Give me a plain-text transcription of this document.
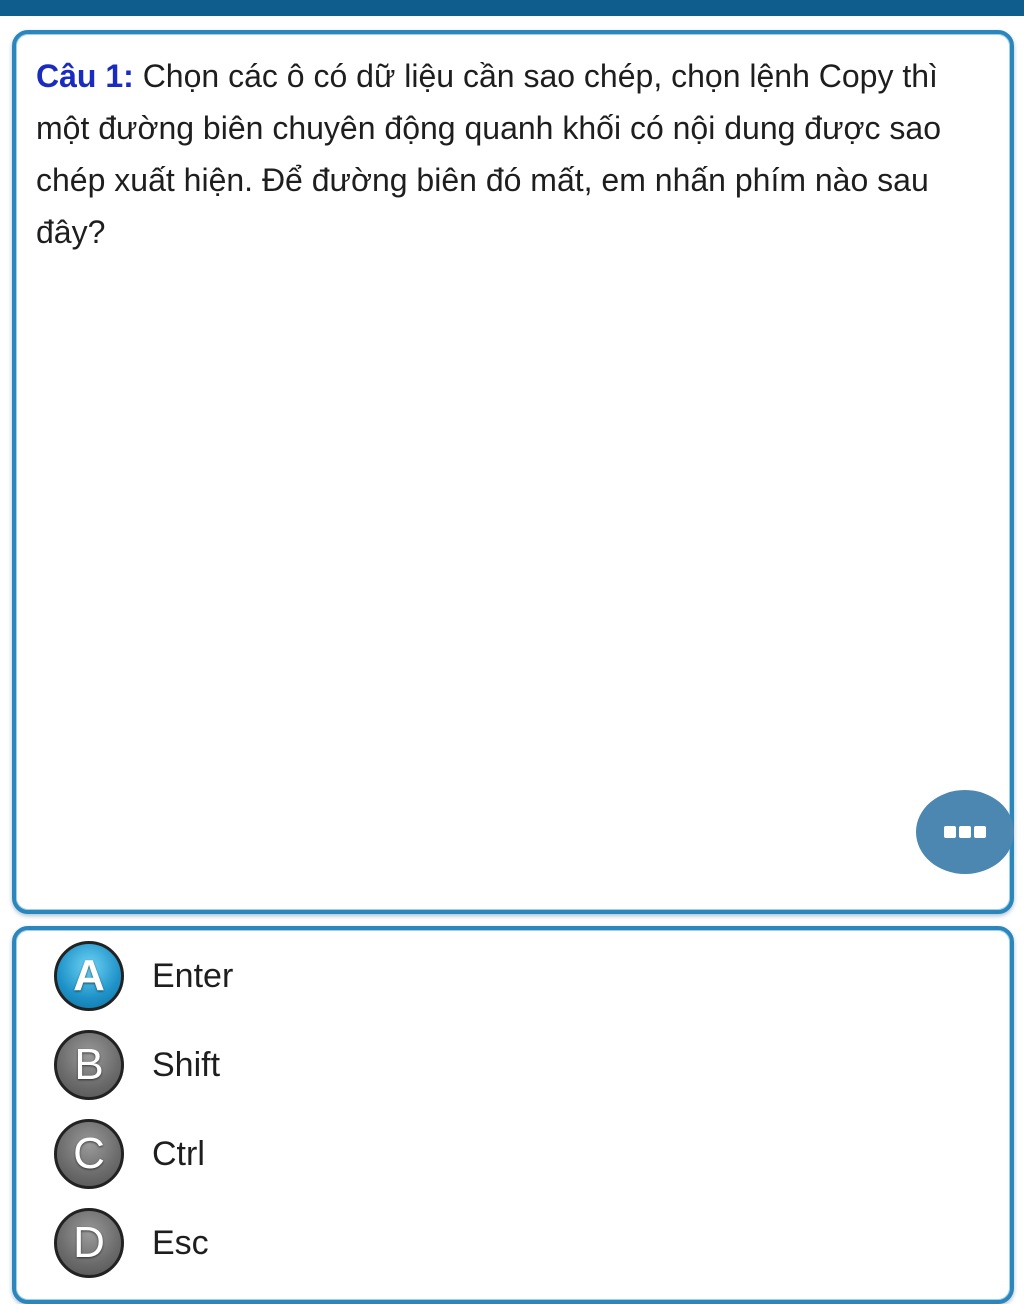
Câu 1: Chọn các ô có dữ liệu cần sao chép, chọn lệnh Copy thì một đường biên chuyên động quanh khối có nội dung được sao chép xuất hiện. Để đường biên đó mất, em nhấn phím nào sau đây?

A	Enter
B	Shift
C	Ctrl
D	Esc
